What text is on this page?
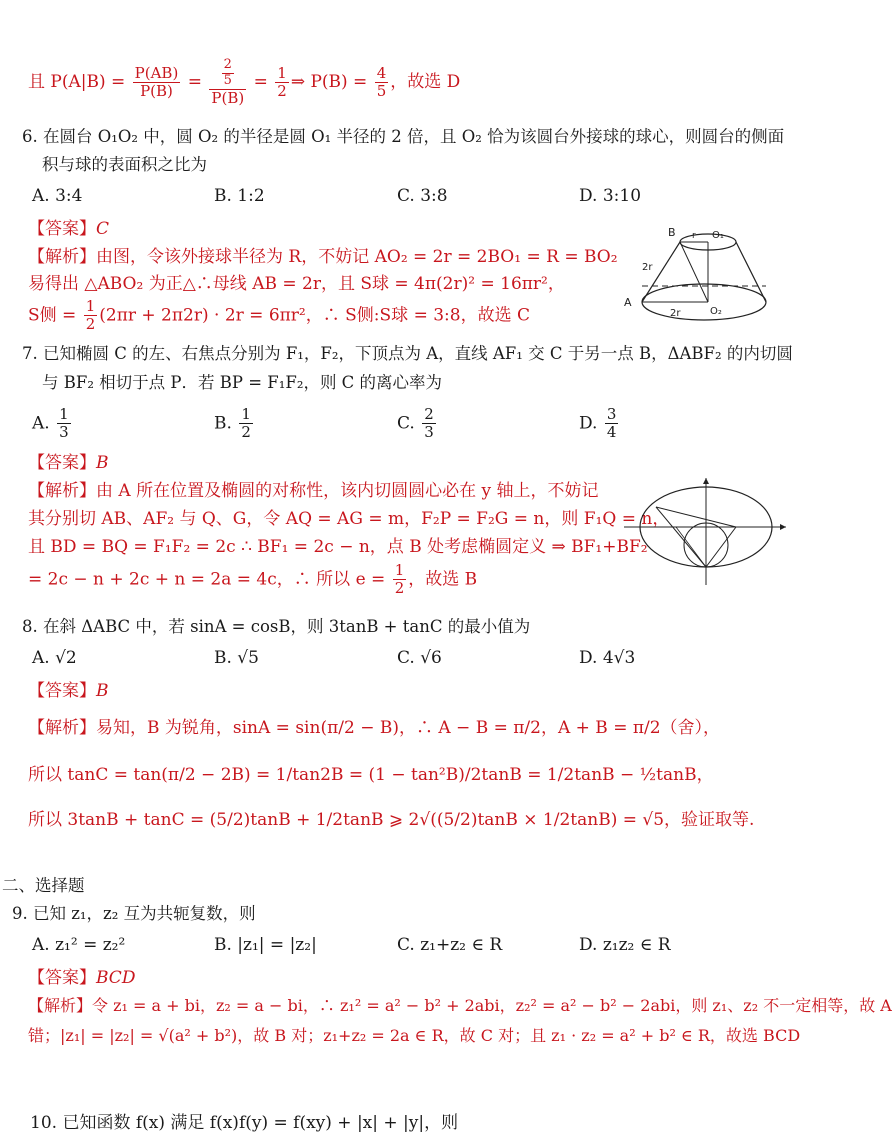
且 $P(A|B) = \frac{P(AB)}{P(B)} = \frac{\frac{2}{5}}{P(B)} = \frac{1}{2}$ ⇒ $P(B) = \frac{4}{5}$ ，故选 D
6. 在圆台 O₁O₂ 中，圆 O₂ 的半径是圆 O₁ 半径的 2 倍，且 O₂ 恰为该圆台外接球的球心，则圆台的侧面
积与球的表面积之比为
A. 3:4	B. 1:2	C. 3:8	D. 3:10
【答案】C
【解析】由图，令该外接球半径为 R，不妨记 AO₂ = 2r = 2BO₁ = R = BO₂
易得出 △ABO₂ 为正△∴母线 AB = 2r，且 S球 = 4π(2r)² = 16πr²，
S侧 = $\frac{1}{2} (2\pi r + 2\pi 2r) \cdot 2r = 6\pi r^2$，∴ S侧:S球 = 3:8，故选 C
B	O₁
r
2r
A
O₂
2r
7. 已知椭圆 C 的左、右焦点分别为 F₁，F₂，下顶点为 A，直线 AF₁ 交 C 于另一点 B，ΔABF₂ 的内切圆
与 BF₂ 相切于点 P．若 BP = F₁F₂，则 C 的离心率为
A. $\frac{1}{3}$	B. $\frac{1}{2}$	C. $\frac{2}{3}$	D. $\frac{3}{4}$
【答案】B
【解析】由 A 所在位置及椭圆的对称性，该内切圆圆心必在 y 轴上，不妨记
其分别切 AB、AF₂ 与 Q、G，令 AQ = AG = m，F₂P = F₂G = n，则 F₁Q = n，
且 BD = BQ = F₁F₂ = 2c ∴ BF₁ = 2c − n，点 B 处考虑椭圆定义 ⇒ BF₁+BF₂
= 2c − n + 2c + n = 2a = 4c，∴ 所以 $e = \frac{1}{2}$ ，故选 B
8. 在斜 ΔABC 中，若 sinA = cosB，则 3tanB + tanC 的最小值为
A. √2	B. √5	C. √6	D. 4√3
【答案】B
【解析】易知，B 为锐角，sinA = sin(π/2 − B)，∴ A − B = π/2，A + B = π/2（舍），
所以 tanC = tan(π/2 − 2B) = 1/tan2B = (1 − tan²B)/2tanB = 1/2tanB − ½tanB，
所以 3tanB + tanC = (5/2)tanB + 1/2tanB ⩾ 2√((5/2)tanB × 1/2tanB) = √5，验证取等.
二、选择题
9. 已知 z₁，z₂ 互为共轭复数，则
A. z₁² = z₂²	B. |z₁| = |z₂|	C. z₁+z₂ ∈ R	D. z₁z₂ ∈ R
【答案】BCD
【解析】令 z₁ = a + bi，z₂ = a − bi，∴ z₁² = a² − b² + 2abi，z₂² = a² − b² − 2abi，则 z₁、z₂ 不一定相等，故 A
错；|z₁| = |z₂| = √(a² + b²)，故 B 对；z₁+z₂ = 2a ∈ R，故 C 对；且 z₁ · z₂ = a² + b² ∈ R，故选 BCD
10. 已知函数 f(x) 满足 f(x)f(y) = f(xy) + |x| + |y|，则
